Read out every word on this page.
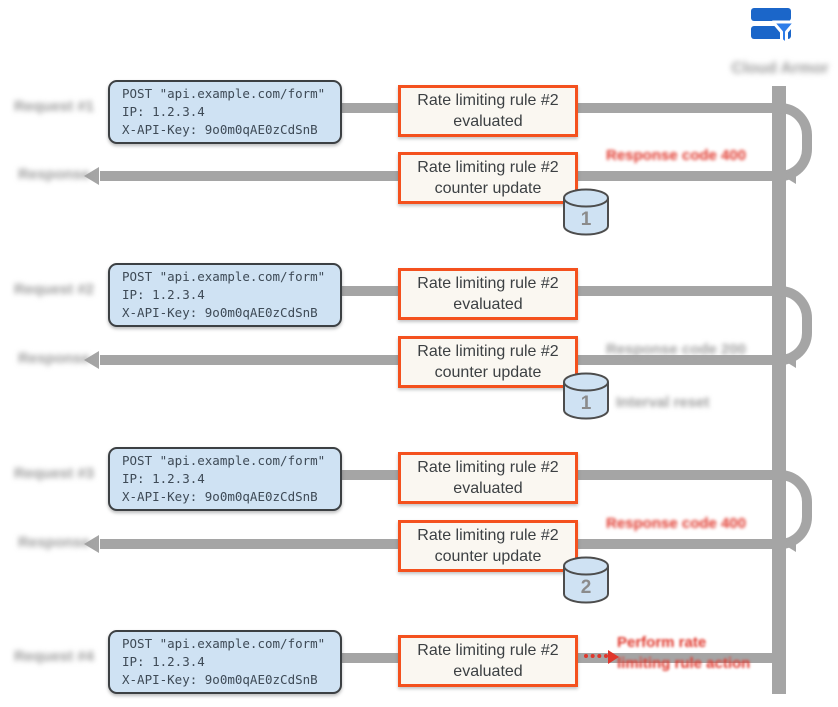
Cloud Armor
Request #1
POST "api.example.com/form"
IP: 1.2.3.4
X-API-Key: 9o0m0qAE0zCdSnB
Rate limiting rule #2
evaluated
Response	Rate limiting rule #2
counter update
1
Response code 400
Request #2
POST "api.example.com/form"
IP: 1.2.3.4
X-API-Key: 9o0m0qAE0zCdSnB
Rate limiting rule #2
evaluated
Response	Rate limiting rule #2
counter update
1
Response code 200
Interval reset
Request #3
POST "api.example.com/form"
IP: 1.2.3.4
X-API-Key: 9o0m0qAE0zCdSnB
Rate limiting rule #2
evaluated
Response	Rate limiting rule #2
counter update
2
Response code 400
Request #4
POST "api.example.com/form"
IP: 1.2.3.4
X-API-Key: 9o0m0qAE0zCdSnB
Rate limiting rule #2
evaluated
Perform rate
limiting rule action
